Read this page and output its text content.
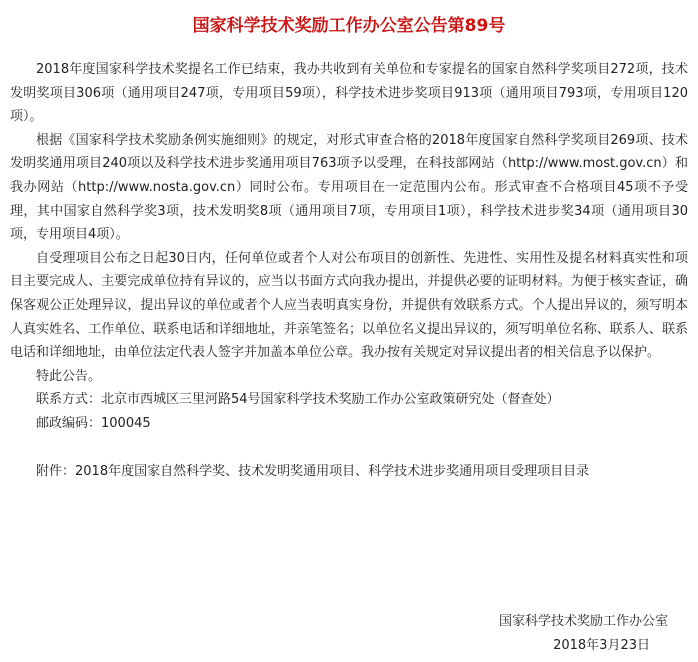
国家科学技术奖励工作办公室公告第89号

2018年度国家科学技术奖提名工作已结束，我办共收到有关单位和专家提名的国家自然科学奖项目272项，技术发明奖项目306项（通用项目247项，专用项目59项），科学技术进步奖项目913项（通用项目793项，专用项目120项）。

根据《国家科学技术奖励条例实施细则》的规定，对形式审查合格的2018年度国家自然科学奖项目269项、技术发明奖通用项目240项以及科学技术进步奖通用项目763项予以受理，在科技部网站（http://www.most.gov.cn）和我办网站（http://www.nosta.gov.cn）同时公布。专用项目在一定范围内公布。形式审查不合格项目45项不予受理，其中国家自然科学奖3项，技术发明奖8项（通用项目7项，专用项目1项），科学技术进步奖34项（通用项目30项，专用项目4项）。

自受理项目公布之日起30日内，任何单位或者个人对公布项目的创新性、先进性、实用性及提名材料真实性和项目主要完成人、主要完成单位持有异议的，应当以书面方式向我办提出，并提供必要的证明材料。为便于核实查证，确保客观公正处理异议，提出异议的单位或者个人应当表明真实身份，并提供有效联系方式。个人提出异议的，须写明本人真实姓名、工作单位、联系电话和详细地址，并亲笔签名；以单位名义提出异议的，须写明单位名称、联系人、联系电话和详细地址，由单位法定代表人签字并加盖本单位公章。我办按有关规定对异议提出者的相关信息予以保护。

特此公告。

联系方式：北京市西城区三里河路54号国家科学技术奖励工作办公室政策研究处（督查处）

邮政编码：100045

附件：2018年度国家自然科学奖、技术发明奖通用项目、科学技术进步奖通用项目受理项目目录

国家科学技术奖励工作办公室
2018年3月23日
